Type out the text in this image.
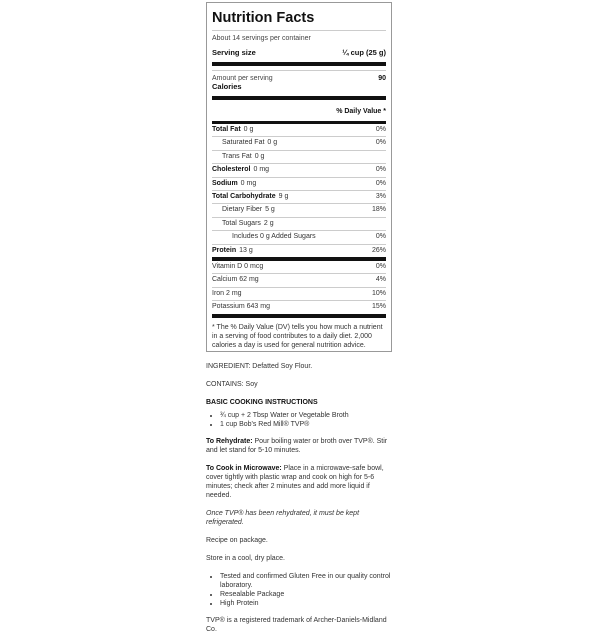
Nutrition Facts
About 14 servings per container
Serving size	¼ cup (25 g)
Amount per serving	90
Calories
% Daily Value *
Total Fat 0 g	0%
Saturated Fat 0 g	0%
Trans Fat 0 g
Cholesterol 0 mg	0%
Sodium 0 mg	0%
Total Carbohydrate 9 g	3%
Dietary Fiber 5 g	18%
Total Sugars 2 g
Includes 0 g Added Sugars	0%
Protein 13 g	26%
Vitamin D 0 mcg	0%
Calcium 62 mg	4%
Iron 2 mg	10%
Potassium 643 mg	15%
* The % Daily Value (DV) tells you how much a nutrient in a serving of food contributes to a daily diet. 2,000 calories a day is used for general nutrition advice.

INGREDIENT: Defatted Soy Flour.

CONTAINS: Soy

BASIC COOKING INSTRUCTIONS
• ¾ cup + 2 Tbsp Water or Vegetable Broth
• 1 cup Bob's Red Mill® TVP®

To Rehydrate: Pour boiling water or broth over TVP®. Stir and let stand for 5-10 minutes.

To Cook in Microwave: Place in a microwave-safe bowl, cover tightly with plastic wrap and cook on high for 5-6 minutes; check after 2 minutes and add more liquid if needed.

Once TVP® has been rehydrated, it must be kept refrigerated.

Recipe on package.

Store in a cool, dry place.

• Tested and confirmed Gluten Free in our quality control laboratory.
• Resealable Package
• High Protein

TVP® is a registered trademark of Archer-Daniels-Midland Co.
